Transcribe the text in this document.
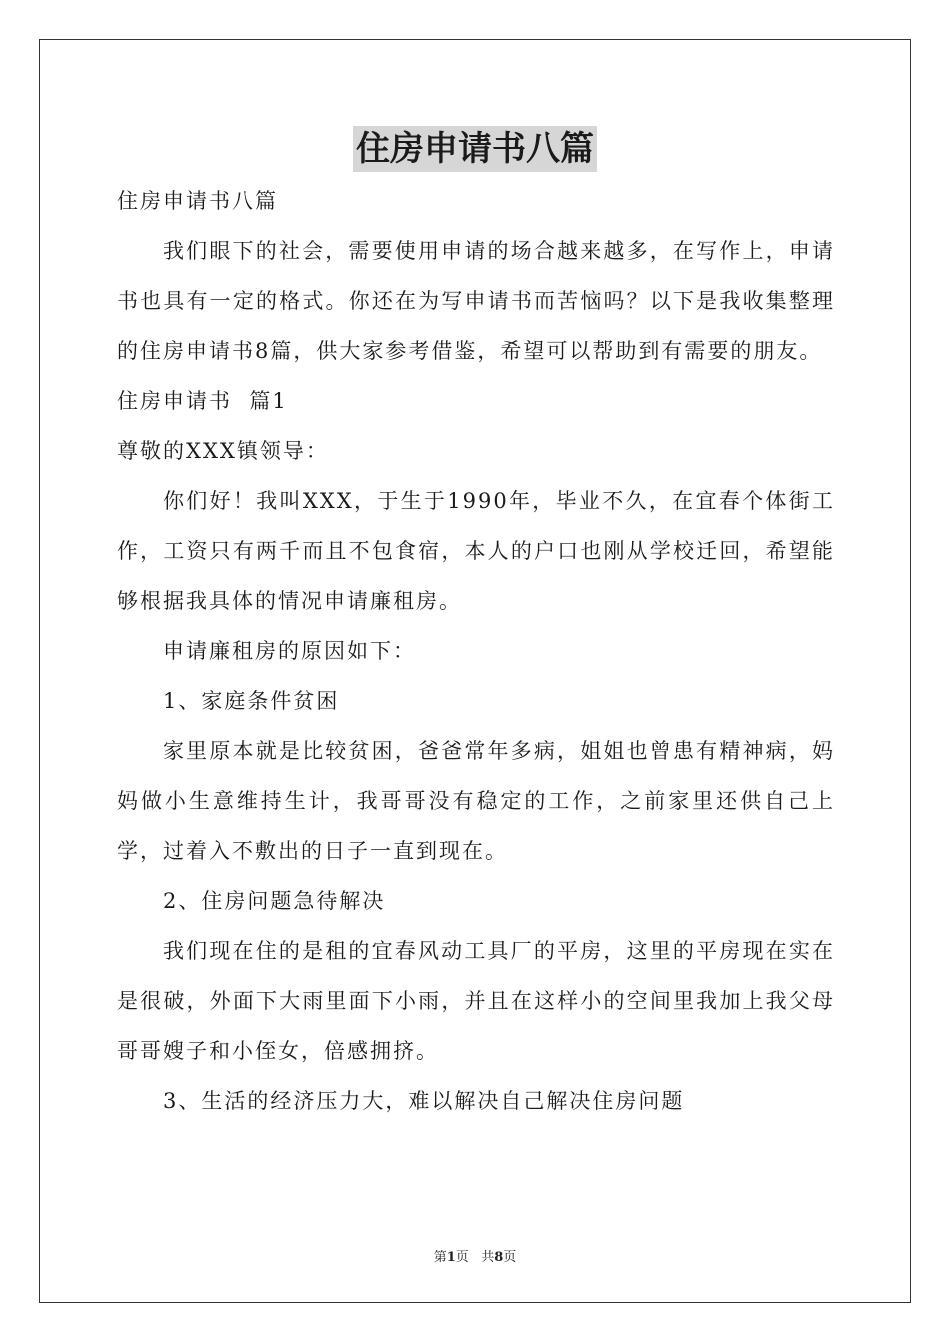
住房申请书八篇

住房申请书八篇

我们眼下的社会，需要使用申请的场合越来越多，在写作上，申请书也具有一定的格式。你还在为写申请书而苦恼吗？以下是我收集整理的住房申请书8篇，供大家参考借鉴，希望可以帮助到有需要的朋友。

住房申请书  篇1

尊敬的XXX镇领导：

你们好！我叫XXX，于生于1990年，毕业不久，在宜春个体街工作，工资只有两千而且不包食宿，本人的户口也刚从学校迁回，希望能够根据我具体的情况申请廉租房。

申请廉租房的原因如下：

1、家庭条件贫困

家里原本就是比较贫困，爸爸常年多病，姐姐也曾患有精神病，妈妈做小生意维持生计，我哥哥没有稳定的工作，之前家里还供自己上学，过着入不敷出的日子一直到现在。

2、住房问题急待解决

我们现在住的是租的宜春风动工具厂的平房，这里的平房现在实在是很破，外面下大雨里面下小雨，并且在这样小的空间里我加上我父母哥哥嫂子和小侄女，倍感拥挤。

3、生活的经济压力大，难以解决自己解决住房问题

第1页 共8页
